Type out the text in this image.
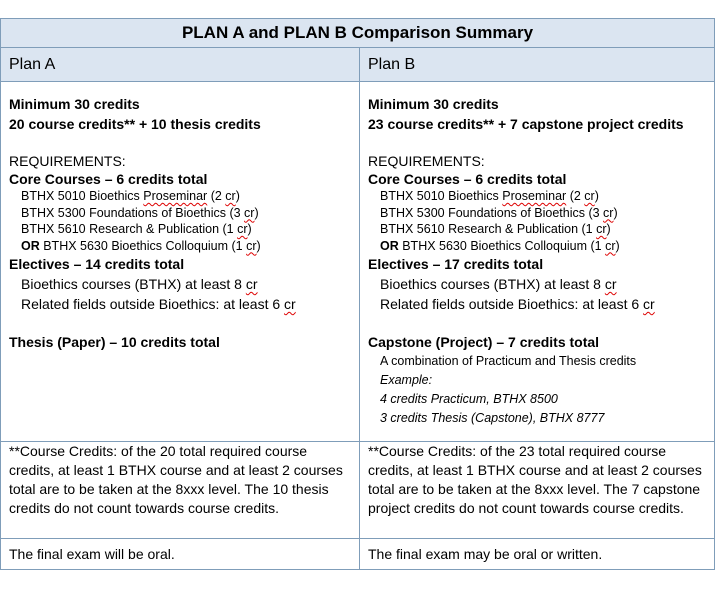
PLAN A and PLAN B Comparison Summary
Plan A	Plan B
Minimum 30 credits
20 course credits** + 10 thesis credits
REQUIREMENTS:
Core Courses – 6 credits total
BTHX 5010 Bioethics Proseminar (2 cr)
BTHX 5300 Foundations of Bioethics (3 cr)
BTHX 5610 Research & Publication (1 cr)
OR BTHX 5630 Bioethics Colloquium (1 cr)
Electives – 14 credits total
Bioethics courses (BTHX) at least 8 cr
Related fields outside Bioethics: at least 6 cr
Thesis (Paper) – 10 credits total
Minimum 30 credits
23 course credits** + 7 capstone project credits
REQUIREMENTS:
Core Courses – 6 credits total
BTHX 5010 Bioethics Proseminar (2 cr)
BTHX 5300 Foundations of Bioethics (3 cr)
BTHX 5610 Research & Publication (1 cr)
OR BTHX 5630 Bioethics Colloquium (1 cr)
Electives – 17 credits total
Bioethics courses (BTHX) at least 8 cr
Related fields outside Bioethics: at least 6 cr
Capstone (Project) – 7 credits total
A combination of Practicum and Thesis credits
Example:
4 credits Practicum, BTHX 8500
3 credits Thesis (Capstone), BTHX 8777
**Course Credits: of the 20 total required course credits, at least 1 BTHX course and at least 2 courses total are to be taken at the 8xxx level. The 10 thesis credits do not count towards course credits.
**Course Credits: of the 23 total required course credits, at least 1 BTHX course and at least 2 courses total are to be taken at the 8xxx level. The 7 capstone project credits do not count towards course credits.
The final exam will be oral.	The final exam may be oral or written.
